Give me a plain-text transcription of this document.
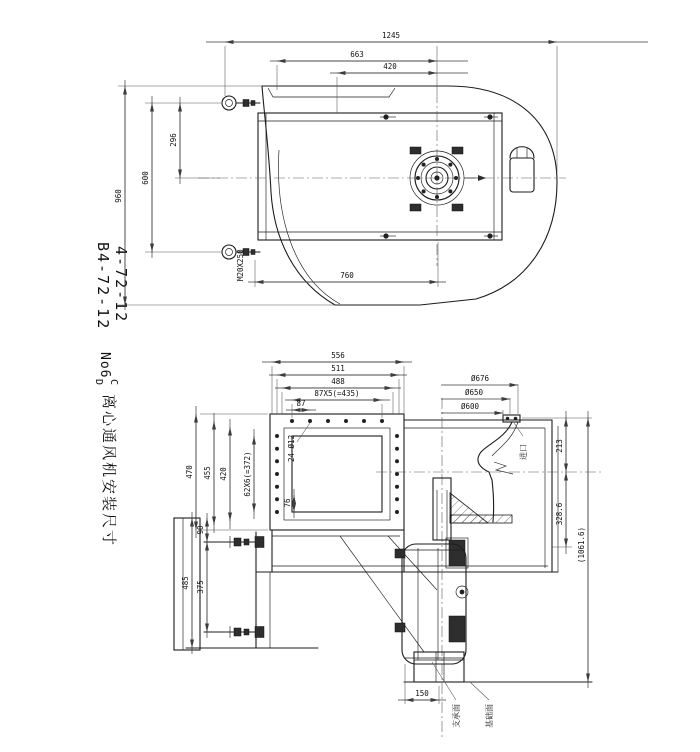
4-72-12
B4-72-12
No6
C
D
离心通风机安装尺寸
1245
663
420
960
600
296
760
M20X250
556
511
488
87X5(=435)
87
24-Ø12
470 455 420 62X6(=372)
76
90
375
485
进口
Ø676
Ø650
Ø600
150
支承面	基础面
213
328.6
(1061.6)
